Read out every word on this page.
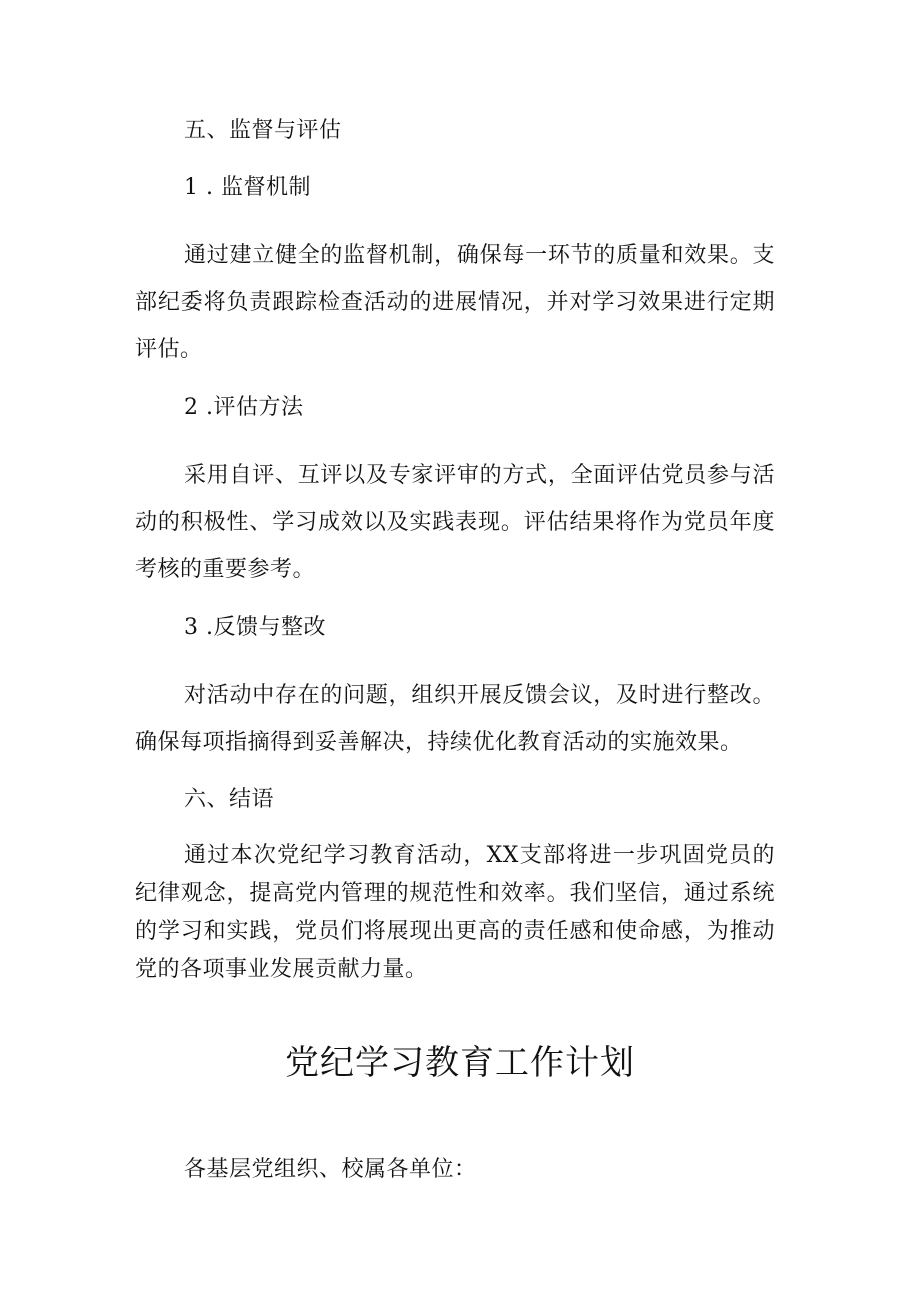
五、监督与评估
1 . 监督机制
通过建立健全的监督机制，确保每一环节的质量和效果。支部纪委将负责跟踪检查活动的进展情况，并对学习效果进行定期评估。
2 .评估方法
采用自评、互评以及专家评审的方式，全面评估党员参与活动的积极性、学习成效以及实践表现。评估结果将作为党员年度考核的重要参考。
3 .反馈与整改
对活动中存在的问题，组织开展反馈会议，及时进行整改。确保每项指摘得到妥善解决，持续优化教育活动的实施效果。
六、结语
通过本次党纪学习教育活动，XX支部将进一步巩固党员的纪律观念，提高党内管理的规范性和效率。我们坚信，通过系统的学习和实践，党员们将展现出更高的责任感和使命感，为推动党的各项事业发展贡献力量。
党纪学习教育工作计划
各基层党组织、校属各单位：
